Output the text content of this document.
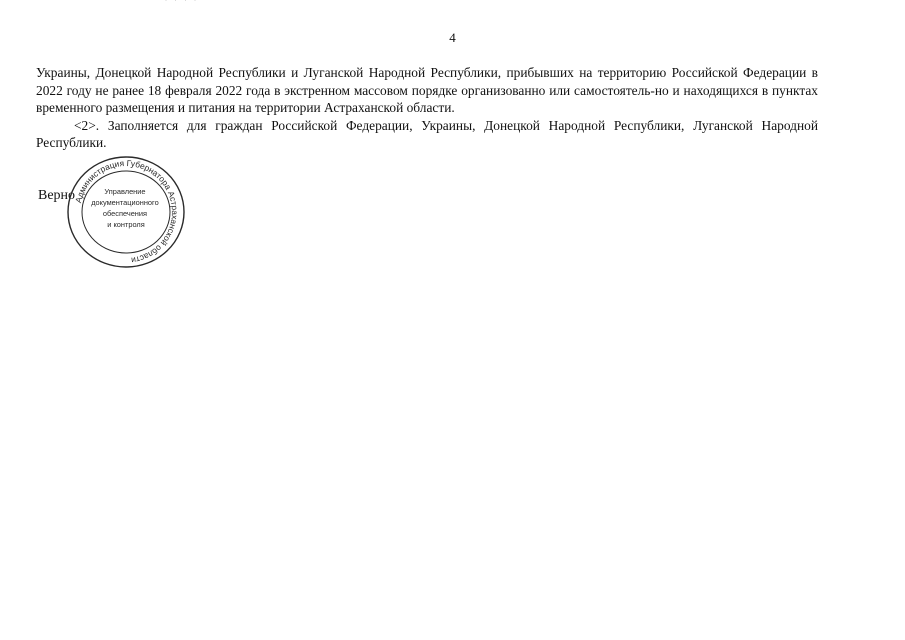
· · · ·
4

Украины, Донецкой Народной Республики и Луганской Народной Республики, прибывших на территорию Российской Федерации в 2022 году не ранее 18 февраля 2022 года в экстренном массовом порядке организованно или самостоятель-но и находящихся в пунктах временного размещения и питания на территории Астраханской области.

<2>. Заполняется для граждан Российской Федерации, Украины, Донецкой Народной Республики, Луганской Народной Республики.

Верно
Администрация Губернатора Астраханской области
Управление документационного обеспечения и контроля
